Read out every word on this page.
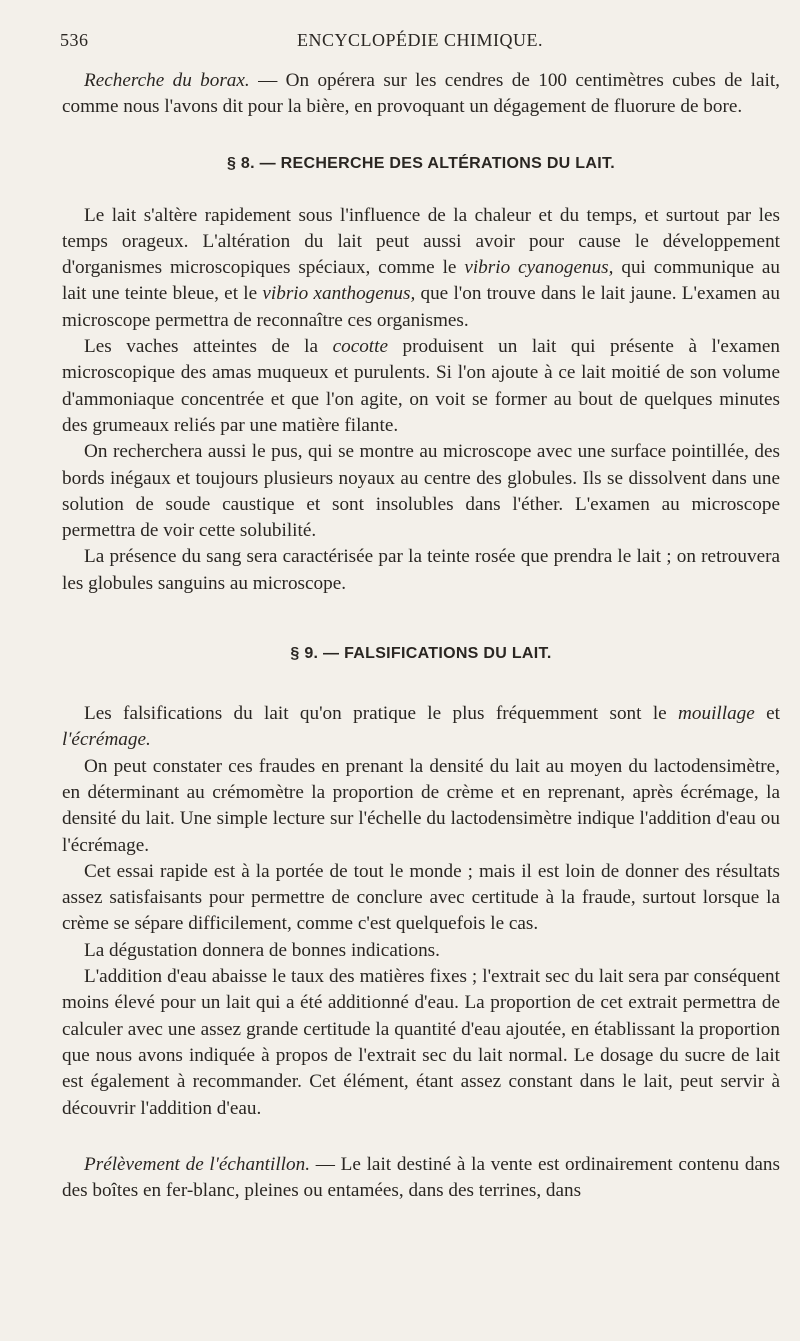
536	ENCYCLOPÉDIE CHIMIQUE.

Recherche du borax. — On opérera sur les cendres de 100 centimètres cubes de lait, comme nous l'avons dit pour la bière, en provoquant un dégagement de fluorure de bore.

§ 8. — RECHERCHE DES ALTÉRATIONS DU LAIT.

Le lait s'altère rapidement sous l'influence de la chaleur et du temps, et surtout par les temps orageux. L'altération du lait peut aussi avoir pour cause le développement d'organismes microscopiques spéciaux, comme le vibrio cyanogenus, qui communique au lait une teinte bleue, et le vibrio xanthogenus, que l'on trouve dans le lait jaune. L'examen au microscope permettra de reconnaître ces organismes.

Les vaches atteintes de la cocotte produisent un lait qui présente à l'examen microscopique des amas muqueux et purulents. Si l'on ajoute à ce lait moitié de son volume d'ammoniaque concentrée et que l'on agite, on voit se former au bout de quelques minutes des grumeaux reliés par une matière filante.

On recherchera aussi le pus, qui se montre au microscope avec une surface pointillée, des bords inégaux et toujours plusieurs noyaux au centre des globules. Ils se dissolvent dans une solution de soude caustique et sont insolubles dans l'éther. L'examen au microscope permettra de voir cette solubilité.

La présence du sang sera caractérisée par la teinte rosée que prendra le lait ; on retrouvera les globules sanguins au microscope.

§ 9. — FALSIFICATIONS DU LAIT.

Les falsifications du lait qu'on pratique le plus fréquemment sont le mouillage et l'écrémage.

On peut constater ces fraudes en prenant la densité du lait au moyen du lactodensimètre, en déterminant au crémomètre la proportion de crème et en reprenant, après écrémage, la densité du lait. Une simple lecture sur l'échelle du lactodensimètre indique l'addition d'eau ou l'écrémage.

Cet essai rapide est à la portée de tout le monde ; mais il est loin de donner des résultats assez satisfaisants pour permettre de conclure avec certitude à la fraude, surtout lorsque la crème se sépare difficilement, comme c'est quelquefois le cas.

La dégustation donnera de bonnes indications.

L'addition d'eau abaisse le taux des matières fixes ; l'extrait sec du lait sera par conséquent moins élevé pour un lait qui a été additionné d'eau. La proportion de cet extrait permettra de calculer avec une assez grande certitude la quantité d'eau ajoutée, en établissant la proportion que nous avons indiquée à propos de l'extrait sec du lait normal. Le dosage du sucre de lait est également à recommander. Cet élément, étant assez constant dans le lait, peut servir à découvrir l'addition d'eau.

Prélèvement de l'échantillon. — Le lait destiné à la vente est ordinairement contenu dans des boîtes en fer-blanc, pleines ou entamées, dans des terrines, dans
